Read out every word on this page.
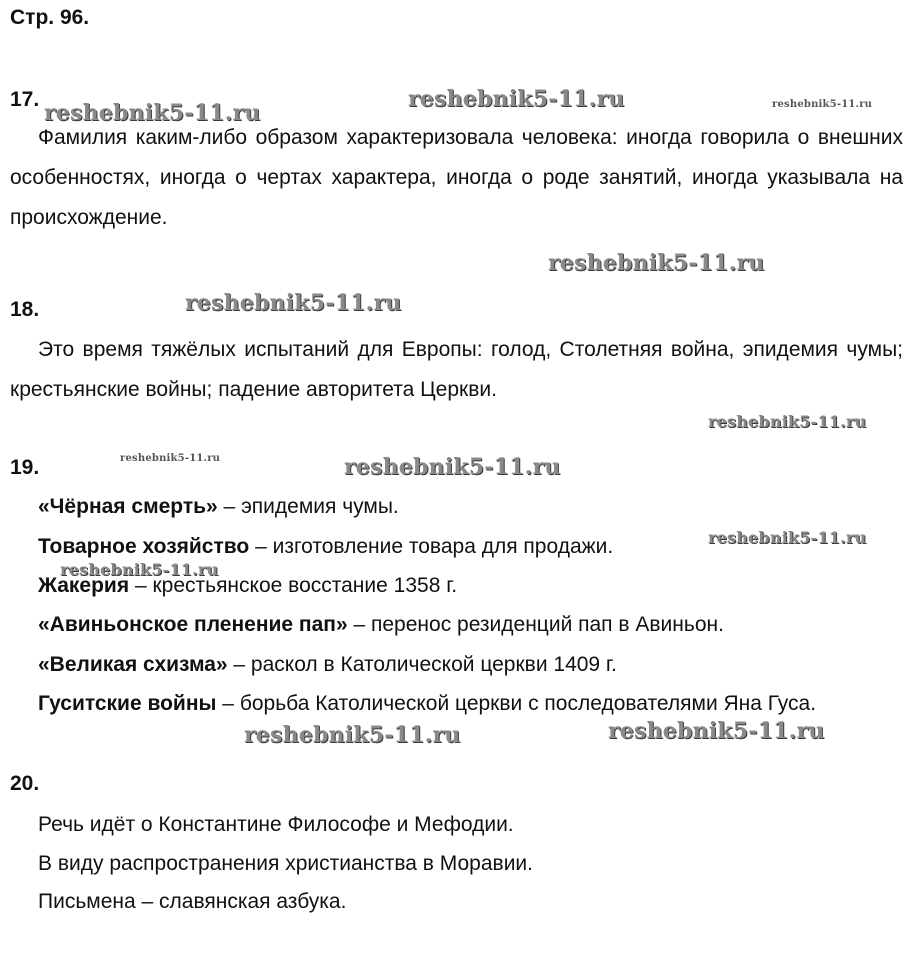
Стр. 96.
17.

Фамилия каким-либо образом характеризовала человека: иногда говорила о внешних особенностях, иногда о чертах характера, иногда о роде занятий, иногда указывала на происхождение.

18.

Это время тяжёлых испытаний для Европы: голод, Столетняя война, эпидемия чумы; крестьянские войны; падение авторитета Церкви.

19.
«Чёрная смерть» – эпидемия чумы.
Товарное хозяйство – изготовление товара для продажи.
Жакерия – крестьянское восстание 1358 г.
«Авиньонское пленение пап» – перенос резиденций пап в Авиньон.
«Великая схизма» – раскол в Католической церкви 1409 г.
Гуситские войны – борьба Католической церкви с последователями Яна Гуса.
20.
Речь идёт о Константине Философе и Мефодии.
В виду распространения христианства в Моравии.
Письмена – славянская азбука.
reshebnik5-11.ru
reshebnik5-11.ru	reshebnik5-11.ru
reshebnik5-11.ru
reshebnik5-11.ru
reshebnik5-11.ru
reshebnik5-11.ru	reshebnik5-11.ru
reshebnik5-11.ru
reshebnik5-11.ru
reshebnik5-11.ru	reshebnik5-11.ru
